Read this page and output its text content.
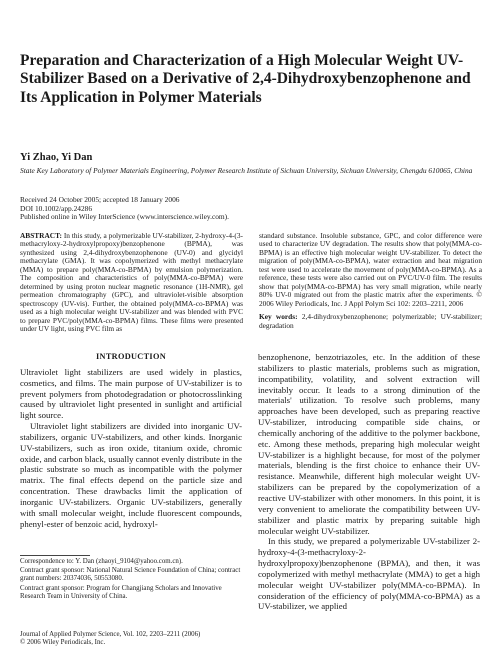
Preparation and Characterization of a High Molecular Weight UV-Stabilizer Based on a Derivative of 2,4-Dihydroxybenzophenone and Its Application in Polymer Materials
Yi Zhao, Yi Dan
State Key Laboratory of Polymer Materials Engineering, Polymer Research Institute of Sichuan University, Sichuan University, Chengdu 610065, China
Received 24 October 2005; accepted 18 January 2006
DOI 10.1002/app.24286
Published online in Wiley InterScience (www.interscience.wiley.com).
ABSTRACT: In this study, a polymerizable UV-stabilizer, 2-hydroxy-4-(3-methacryloxy-2-hydroxylpropoxy)benzophenone (BPMA), was synthesized using 2,4-dihydroxybenzophenone (UV-0) and glycidyl methacrylate (GMA). It was copolymerized with methyl methacrylate (MMA) to prepare poly(MMA-co-BPMA) by emulsion polymerization. The composition and characteristics of poly(MMA-co-BPMA) were determined by using proton nuclear magnetic resonance (1H-NMR), gel permeation chromatography (GPC), and ultraviolet-visible absorption spectroscopy (UV-vis). Further, the obtained poly(MMA-co-BPMA) was used as a high molecular weight UV-stabilizer and was blended with PVC to prepare PVC/poly(MMA-co-BPMA) films. These films were presented under UV light, using PVC film as
standard substance. Insoluble substance, GPC, and color difference were used to characterize UV degradation. The results show that poly(MMA-co-BPMA) is an effective high molecular weight UV-stabilizer. To detect the migration of poly(MMA-co-BPMA), water extraction and heat migration test were used to accelerate the movement of poly(MMA-co-BPMA). As a reference, these tests were also carried out on PVC/UV-0 film. The results show that poly(MMA-co-BPMA) has very small migration, while nearly 80% UV-0 migrated out from the plastic matrix after the experiments. © 2006 Wiley Periodicals, Inc. J Appl Polym Sci 102: 2203–2211, 2006
Key words: 2,4-dihydroxybenzophenone; polymerizable; UV-stabilizer; degradation
INTRODUCTION

Ultraviolet light stabilizers are used widely in plastics, cosmetics, and films. The main purpose of UV-stabilizer is to prevent polymers from photodegradation or photocrosslinking caused by ultraviolet light presented in sunlight and artificial light source.

Ultraviolet light stabilizers are divided into inorganic UV-stabilizers, organic UV-stabilizers, and other kinds. Inorganic UV-stabilizers, such as iron oxide, titanium oxide, chromic oxide, and carbon black, usually cannot evenly distribute in the plastic substrate so much as incompatible with the polymer matrix. The final effects depend on the particle size and concentration. These drawbacks limit the application of inorganic UV-stabilizers. Organic UV-stabilizers, generally with small molecular weight, include fluorescent compounds, phenyl-ester of benzoic acid, hydroxyl-

benzophenone, benzotriazoles, etc. In the addition of these stabilizers to plastic materials, problems such as migration, incompatibility, volatility, and solvent extraction will inevitably occur. It leads to a strong diminution of the materials' utilization. To resolve such problems, many approaches have been developed, such as preparing reactive UV-stabilizer, introducing compatible side chains, or chemically anchoring of the additive to the polymer backbone, etc. Among these methods, preparing high molecular weight UV-stabilizer is a highlight because, for most of the polymer materials, blending is the first choice to enhance their UV-resistance. Meanwhile, different high molecular weight UV-stabilizers can be prepared by the copolymerization of a reactive UV-stabilizer with other monomers. In this point, it is very convenient to ameliorate the compatibility between UV-stabilizer and plastic matrix by preparing suitable high molecular weight UV-stabilizer.

In this study, we prepared a polymerizable UV-stabilizer 2-hydroxy-4-(3-methacryloxy-2-hydroxylpropoxy)benzophenone (BPMA), and then, it was copolymerized with methyl methacrylate (MMA) to get a high molecular weight UV-stabilizer poly(MMA-co-BPMA). In consideration of the efficiency of poly(MMA-co-BPMA) as a UV-stabilizer, we applied

Correspondence to: Y. Dan (zhaoyi_9104@yahoo.com.cn).
Contract grant sponsor: National Natural Science Foundation of China; contract grant numbers: 20374036, 50553080.
Contract grant sponsor: Program for Changjiang Scholars and Innovative Research Team in University of China.
Journal of Applied Polymer Science, Vol. 102, 2203–2211 (2006)
© 2006 Wiley Periodicals, Inc.
